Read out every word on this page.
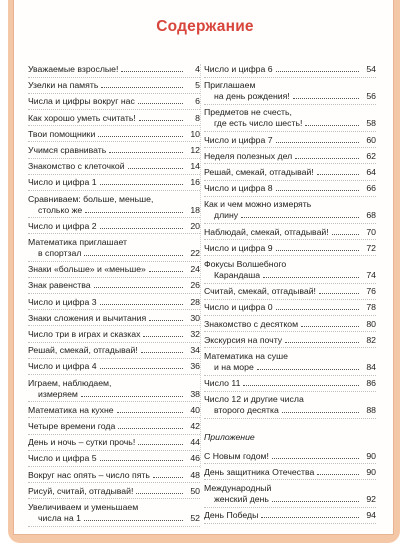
Содержание
Уважаемые взрослые!	4
Узелки на память	5
Числа и цифры вокруг нас	6
Как хорошо уметь считать!	8
Твои помощники	10
Учимся сравнивать	12
Знакомство с клеточкой	14
Число и цифра 1	16
Сравниваем: больше, меньше,
столько же	18
Число и цифра 2	20
Математика приглашает
в спортзал	22
Знаки «больше» и «меньше»	24
Знак равенства	26
Число и цифра 3	28
Знаки сложения и вычитания	30
Число три в играх и сказках	32
Решай, смекай, отгадывай!	34
Число и цифра 4	36
Играем, наблюдаем,
измеряем	38
Математика на кухне	40
Четыре времени года	42
День и ночь – сутки прочь!	44
Число и цифра 5	46
Вокруг нас опять – число пять	48
Рисуй, считай, отгадывай!	50
Увеличиваем и уменьшаем
числа на 1	52
Число и цифра 6	54
Приглашаем
на день рождения!	56
Предметов не счесть,
где есть число шесть!	58
Число и цифра 7	60
Неделя полезных дел	62
Решай, смекай, отгадывай!	64
Число и цифра 8	66
Как и чем можно измерять
длину	68
Наблюдай, смекай, отгадывай!	70
Число и цифра 9	72
Фокусы Волшебного
Карандаша	74
Считай, смекай, отгадывай!	76
Число и цифра 0	78
Знакомство с десятком	80
Экскурсия на почту	82
Математика на суше
и на море	84
Число 11	86
Число 12 и другие числа
второго десятка	88
Приложение
С Новым годом!	90
День защитника Отечества	90
Международный
женский день	92
День Победы	94
